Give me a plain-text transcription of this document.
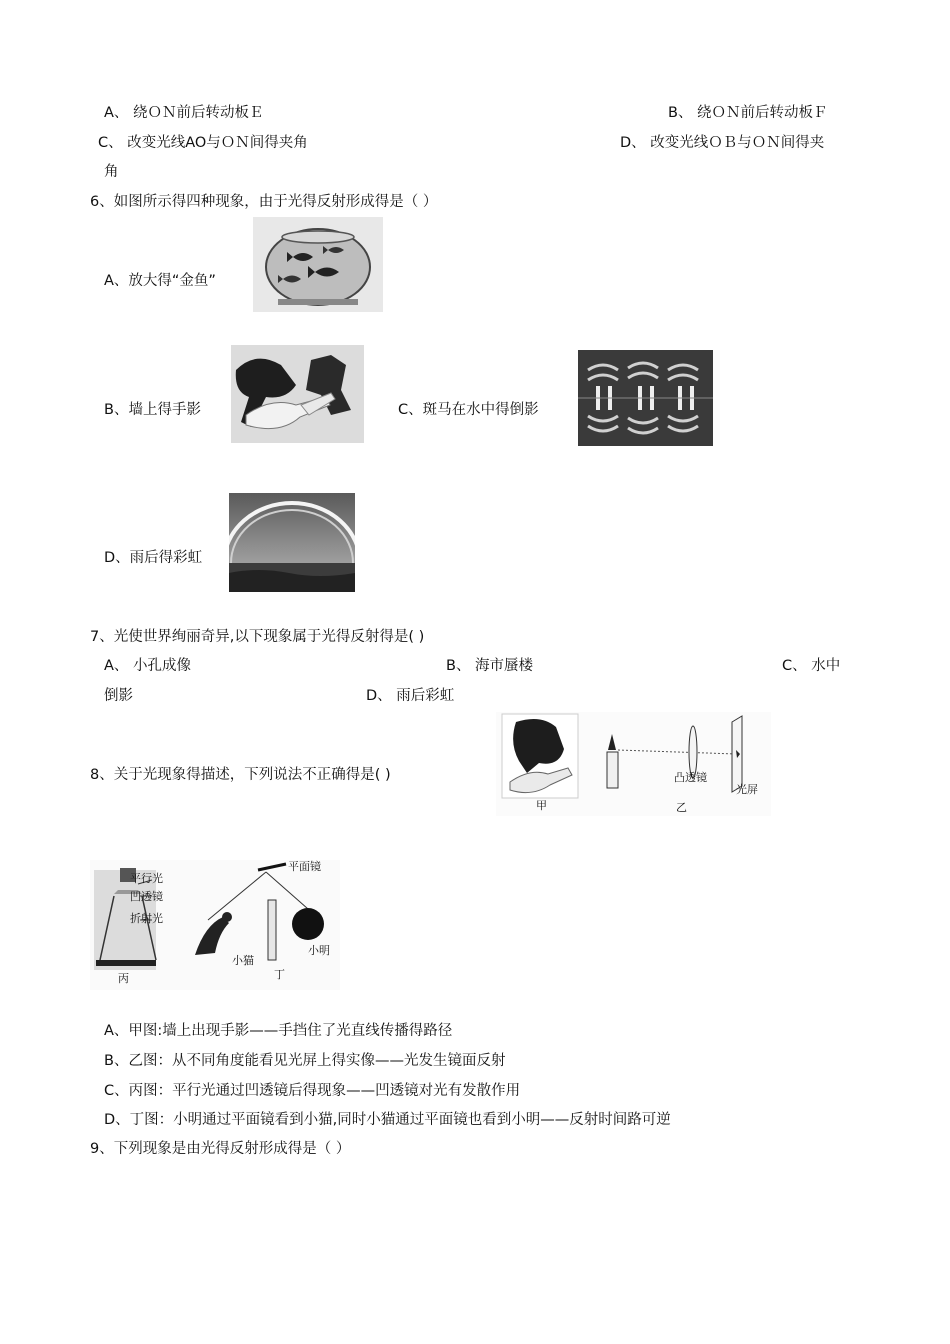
A、 绕ＯＮ前后转动板Ｅ	B、 绕ＯＮ前后转动板Ｆ
C、 改变光线AO与ＯＮ间得夹角	D、 改变光线ＯＢ与ＯＮ间得夹
角
6、如图所示得四种现象，由于光得反射形成得是（ ）
A、放大得“金鱼”
B、墙上得手影	C、斑马在水中得倒影
D、雨后得彩虹
7、光使世界绚丽奇异,以下现象属于光得反射得是( )
A、 小孔成像	B、 海市蜃楼	C、 水中
倒影	D、 雨后彩虹
8、关于光现象得描述，下列说法不正确得是( )
甲	乙
凸透镜
光屏
平行光
凹透镜
折射光
丙
平面镜
小猫
小明
丁
A、甲图:墙上出现手影——手挡住了光直线传播得路径
B、乙图：从不同角度能看见光屏上得实像——光发生镜面反射
C、丙图：平行光通过凹透镜后得现象——凹透镜对光有发散作用
D、丁图：小明通过平面镜看到小猫,同时小猫通过平面镜也看到小明——反射时间路可逆
9、下列现象是由光得反射形成得是（ ）
